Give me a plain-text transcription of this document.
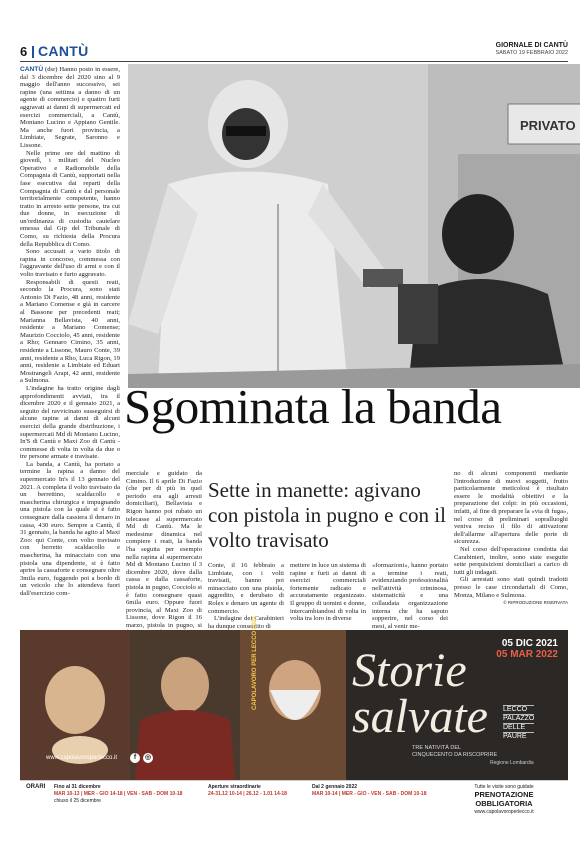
6 CANTÙ	GIORNALE DI CANTÙ
SABATO 19 FEBBRAIO 2022

CANTÙ (dsr) Hanno posto in essere, dal 3 dicembre del 2020 sino al 9 maggio dell'anno successivo, sei rapine (una settima a danno di un agente di commercio) e quattro furti aggravati ai danni di supermercati ed esercizi commerciali, a Cantù, Montano Lucino e Appiano Gentile. Ma anche fuori provincia, a Limbiate, Segrate, Saronno e Lissone.

Nelle prime ore del mattino di giovedì, i militari del Nucleo Operativo e Radiomobile della Compagnia di Cantù, supportati nella fase esecutiva dai reparti della Compagnia di Cantù e dal personale territorialmente competente, hanno tratto in arresto sette persone, tra cui due donne, in esecuzione di un'ordinanza di custodia cautelare emessa dal Gip del Tribunale di Como, su richiesta della Procura della Repubblica di Como.

Sono accusati a vario titolo di rapina in concorso, commessa con l'aggravante dell'uso di armi e con il volto travisato e furto aggravato.

Responsabili di questi reati, secondo la Procura, sono stati Antonio Di Fazio, 48 anni, residente a Mariano Comense e già in carcere al Bassone per precedenti reati; Marianna Bellavista, 40 anni, residente a Mariano Comense; Maurizio Cocciolo, 45 anni, residente a Rho; Gennaro Cimino, 35 anni, residente a Lissone, Mauro Conte, 39 anni, residente a Rho, Luca Rigon, 19 anni, residente a Limbiate ed Eduart Mostrangeli Arapi, 42 anni, residente a Sulmona.

L'indagine ha tratto origine dagli approfondimenti avviati, tra il dicembre 2020 e il gennaio 2021, a seguito del ravvicinato susseguirsi di alcune rapine ai danni di alcuni esercizi della grande distribuzione, i supermercati Md di Montano Lucino, In'S di Cantù e Maxi Zoo di Cantù - commesse di volta in volta da due o tre persone armate e travisate.

La banda, a Cantù, ha portato a termine la rapina a danno del supermercato In's il 13 gennaio del 2021. A completa il volto travisato da un berrettino, scaldacollo e mascherina chirurgica e impugnando una pistola con la quale si è fatto consegnare dalla cassiera il denaro in cassa, 430 euro. Sempre a Cantù, il 31 gennaio, la banda ha agito al Maxi Zoo: qui Conte, con volto travisato con berretto scaldacollo e mascherina, ha minacciato con una pistola una dipendente, si è fatto aprire la cassaforte e consegnare oltre 3mila euro, fuggendo poi a bordo di un veicolo che lo attendeva fuori dall'esercizio com-

PRIVATO
Sgominata la banda

merciale e guidato da Cimino. Il 6 aprile Di Fazio (che per di più in quel periodo era agli arresti domiciliari), Bellavista e Rigon hanno poi rubato un telecasse al supermercato Md di Cantù. Ma le medesime dinamica nel compiere i reati, la banda l'ha seguita per esempio nella rapina al supermercato Md di Montano Lucino il 3 dicembre 2020, dove dalla cassa e dalla cassaforte, pistola in pugno, Cocciolo si è fatto consegnare quasi 6mila euro. Oppure fuori provincia, al Maxi Zoo di Lissone, dove Rigon il 16 marzo, pistola in pugno, si

Sette in manette: agivano con pistola in pugno e con il volto travisato

Conte, il 16 febbraio a Limbiate, con i volti travisati, hanno poi minacciato con una pistola, aggredito, e derubato di Rolex e denaro un agente di commercio.

L'indagine dei Carabinieri ha dunque consentito di

mettere in luce un sistema di rapine e furti ai danni di esercizi commerciali fortemente radicato e accuratamente organizzato. Il gruppo di uomini e donne, intercambiandosi di volta in volta tra loro in diverse

«formazioni», hanno portato a termine i reati, evidenziando professionalità nell'attività criminosa, sistematicità e una collaudata organizzazione interna che ha saputo sopperire, nel corso dei mesi, al venir me-

no di alcuni componenti mediante l'introduzione di nuovi soggetti, frutto particolarmente meticolosi è risultato essere le modalità obiettivi e la preparazione dei colpi: in più occasioni, infatti, al fine di preparare la «via di fuga», nel corso di preliminari sopralluoghi veniva reciso il filo di attivazione dell'allarme all'apertura delle porte di sicurezza.

Nel corso dell'operazione condotta dai Carabinieri, inoltre, sono state eseguite sette perquisizioni domiciliari a carico di tutti gli indagati.

Gli arrestati sono stati quindi tradotti presso le case circondariali di Como, Monza, Milano e Sulmona.

© RIPRODUZIONE RISERVATA

CAPOLAVORO PER LECCO 2021
www.capolavoroperlecco.it	f	◎
Storie
salvate
05 DIC 2021
05 MAR 2022
LECCO
PALAZZO
DELLE
PAURE
TRE NATIVITÀ DEL CINQUECENTO DA RISCOPRIRE
Regione Lombardia
ORARI	Fino al 31 dicembre
MAR 10-13 | MER - GIO 14-18 | VEN - SAB - DOM 10-18
chiuso il 25 dicembre
Aperture straordinarie
24-31.12 10-14 | 26.12 - 1.01 14-18
Dal 2 gennaio 2022
MAR 10-14 | MER - GIO - VEN - SAB - DOM 10-18
Tutte le visite sono guidate
PRENOTAZIONE OBBLIGATORIA
www.capolavoroperlecco.it
